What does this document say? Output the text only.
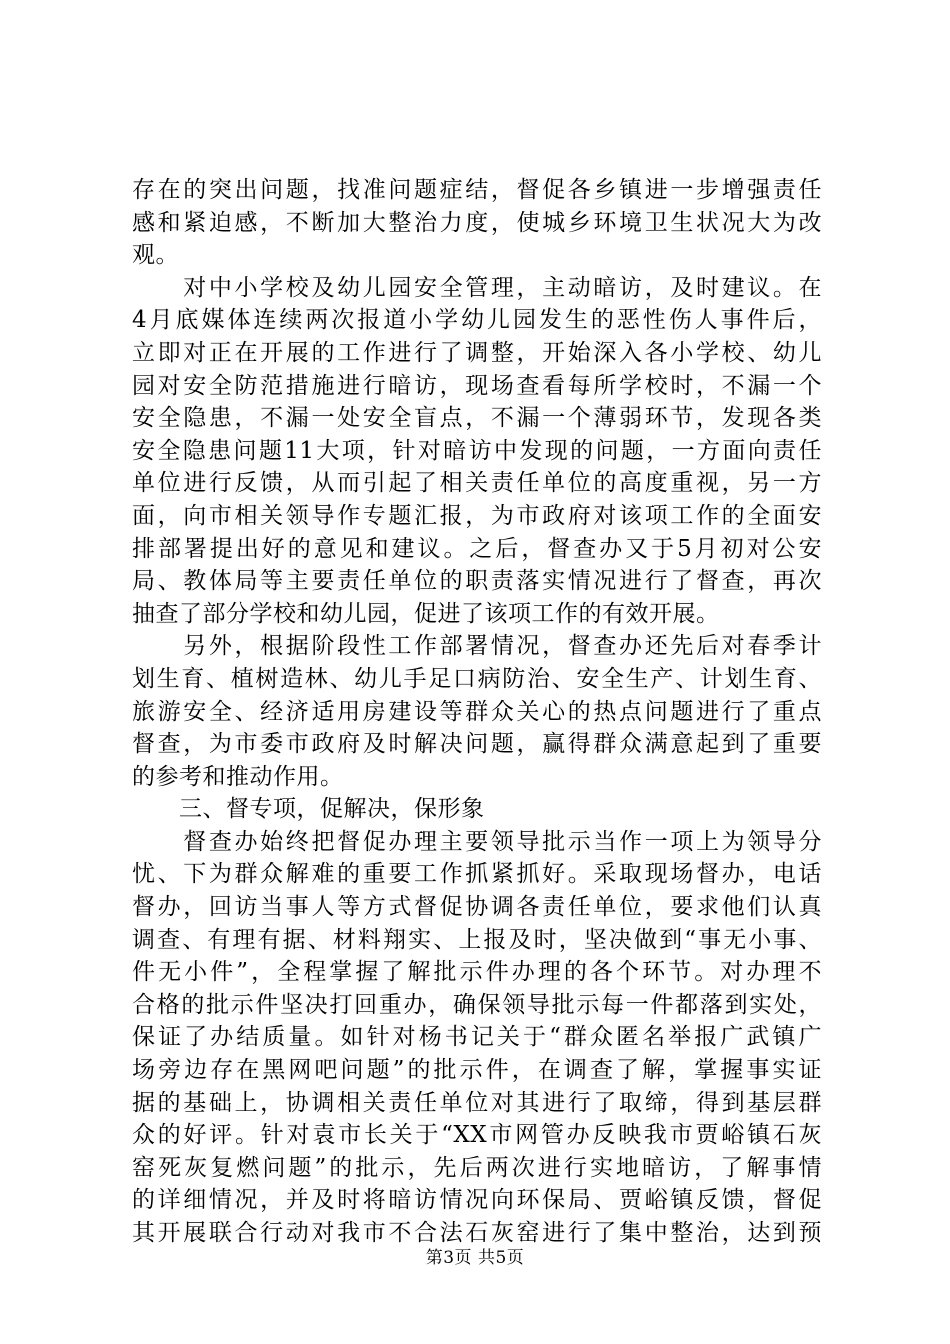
存在的突出问题，找准问题症结，督促各乡镇进一步增强责任
感和紧迫感，不断加大整治力度，使城乡环境卫生状况大为改
观。
　　对中小学校及幼儿园安全管理，主动暗访，及时建议。在
4月底媒体连续两次报道小学幼儿园发生的恶性伤人事件后，
立即对正在开展的工作进行了调整，开始深入各小学校、幼儿
园对安全防范措施进行暗访，现场查看每所学校时，不漏一个
安全隐患，不漏一处安全盲点，不漏一个薄弱环节，发现各类
安全隐患问题11大项，针对暗访中发现的问题，一方面向责任
单位进行反馈，从而引起了相关责任单位的高度重视，另一方
面，向市相关领导作专题汇报，为市政府对该项工作的全面安
排部署提出好的意见和建议。之后，督查办又于5月初对公安
局、教体局等主要责任单位的职责落实情况进行了督查，再次
抽查了部分学校和幼儿园，促进了该项工作的有效开展。
　　另外，根据阶段性工作部署情况，督查办还先后对春季计
划生育、植树造林、幼儿手足口病防治、安全生产、计划生育、
旅游安全、经济适用房建设等群众关心的热点问题进行了重点
督查，为市委市政府及时解决问题，赢得群众满意起到了重要
的参考和推动作用。
　　三、督专项，促解决，保形象
　　督查办始终把督促办理主要领导批示当作一项上为领导分
忧、下为群众解难的重要工作抓紧抓好。采取现场督办，电话
督办，回访当事人等方式督促协调各责任单位，要求他们认真
调查、有理有据、材料翔实、上报及时，坚决做到“事无小事、
件无小件”，全程掌握了解批示件办理的各个环节。对办理不
合格的批示件坚决打回重办，确保领导批示每一件都落到实处，
保证了办结质量。如针对杨书记关于“群众匿名举报广武镇广
场旁边存在黑网吧问题”的批示件，在调查了解，掌握事实证
据的基础上，协调相关责任单位对其进行了取缔，得到基层群
众的好评。针对袁市长关于“XX市网管办反映我市贾峪镇石灰
窑死灰复燃问题”的批示，先后两次进行实地暗访，了解事情
的详细情况，并及时将暗访情况向环保局、贾峪镇反馈，督促
其开展联合行动对我市不合法石灰窑进行了集中整治，达到预
第3页 共5页
